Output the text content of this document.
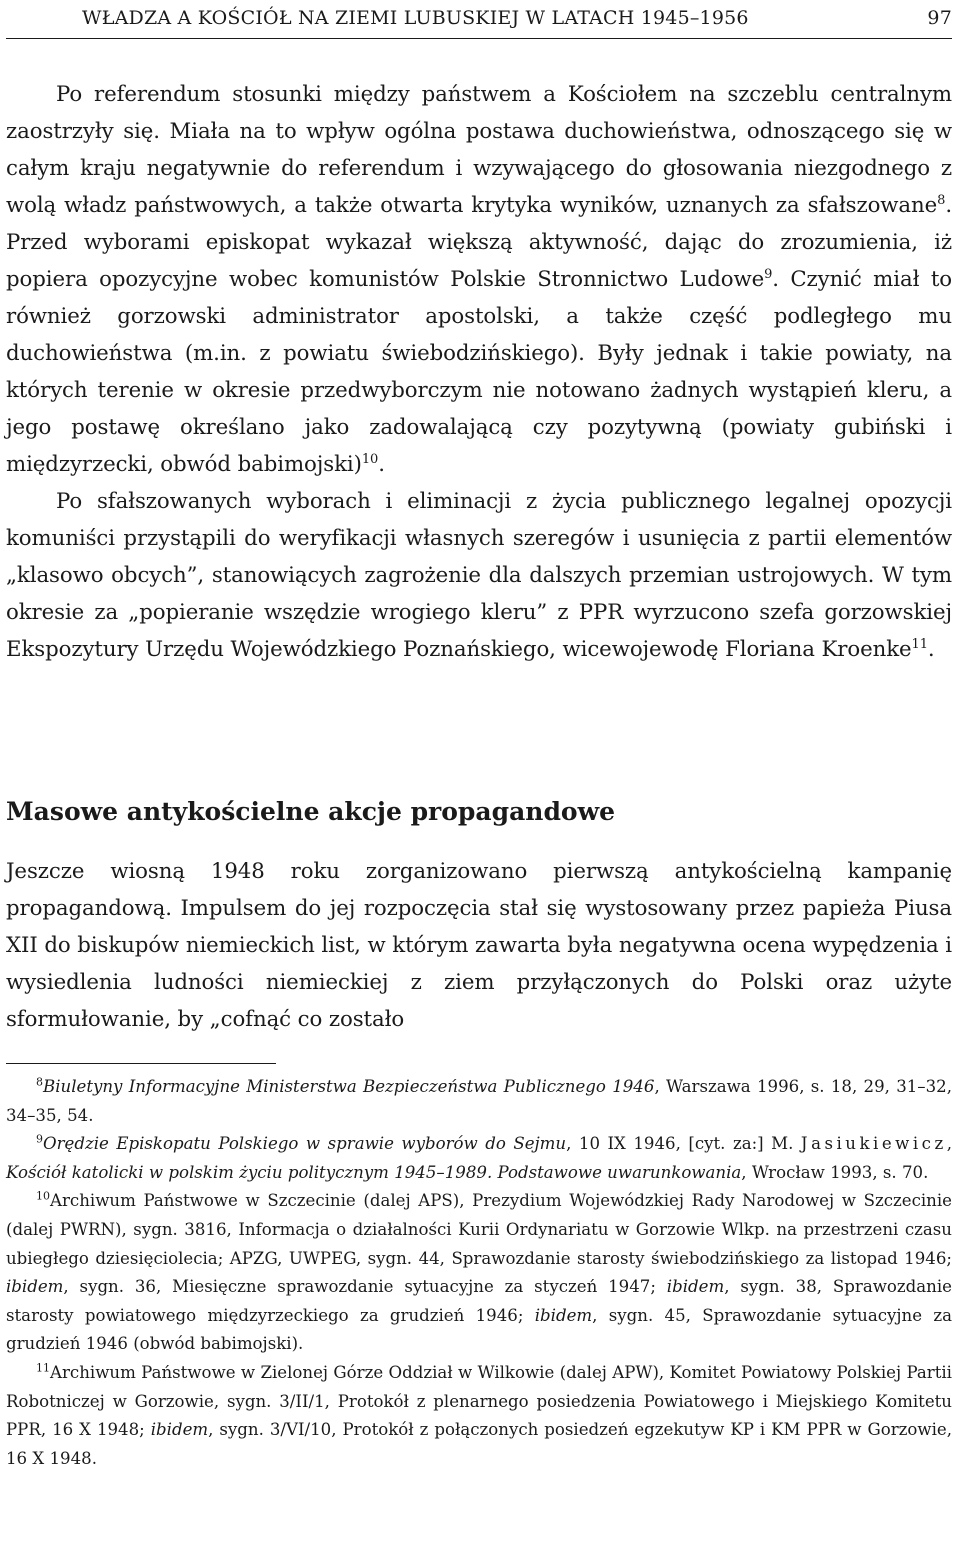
WŁADZA A KOŚCIÓŁ NA ZIEMI LUBUSKIEJ W LATACH 1945–1956	97

Po referendum stosunki między państwem a Kościołem na szczeblu centralnym zaostrzyły się. Miała na to wpływ ogólna postawa duchowieństwa, odnoszącego się w całym kraju negatywnie do referendum i wzywającego do głosowania niezgodnego z wolą władz państwowych, a także otwarta krytyka wyników, uznanych za sfałszowane$^8$. Przed wyborami episkopat wykazał większą aktywność, dając do zrozumienia, iż popiera opozycyjne wobec komunistów Polskie Stronnictwo Ludowe$^9$. Czynić miał to również gorzowski administrator apostolski, a także część podległego mu duchowieństwa (m.in. z powiatu świebodzińskiego). Były jednak i takie powiaty, na których terenie w okresie przedwyborczym nie notowano żadnych wystąpień kleru, a jego postawę określano jako zadowalającą czy pozytywną (powiaty gubiński i międzyrzecki, obwód babimojski)$^{10}$.

Po sfałszowanych wyborach i eliminacji z życia publicznego legalnej opozycji komuniści przystąpili do weryfikacji własnych szeregów i usunięcia z partii elementów „klasowo obcych”, stanowiących zagrożenie dla dalszych przemian ustrojowych. W tym okresie za „popieranie wszędzie wrogiego kleru” z PPR wyrzucono szefa gorzowskiej Ekspozytury Urzędu Wojewódzkiego Poznańskiego, wicewojewodę Floriana Kroenke$^{11}$.

Masowe antykościelne akcje propagandowe

Jeszcze wiosną 1948 roku zorganizowano pierwszą antykościelną kampanię propagandową. Impulsem do jej rozpoczęcia stał się wystosowany przez papieża Piusa XII do biskupów niemieckich list, w którym zawarta była negatywna ocena wypędzenia i wysiedlenia ludności niemieckiej z ziem przyłączonych do Polski oraz użyte sformułowanie, by „cofnąć co zostało

$^8$Biuletyny Informacyjne Ministerstwa Bezpieczeństwa Publicznego 1946, Warszawa 1996, s. 18, 29, 31–32, 34–35, 54.

$^9$Orędzie Episkopatu Polskiego w sprawie wyborów do Sejmu, 10 IX 1946, [cyt. za:] M. Jasiukiewicz, Kościół katolicki w polskim życiu politycznym 1945–1989. Podstawowe uwarunkowania, Wrocław 1993, s. 70.

$^{10}$Archiwum Państwowe w Szczecinie (dalej APS), Prezydium Wojewódzkiej Rady Narodowej w Szczecinie (dalej PWRN), sygn. 3816, Informacja o działalności Kurii Ordynariatu w Gorzowie Wlkp. na przestrzeni czasu ubiegłego dziesięciolecia; APZG, UWPEG, sygn. 44, Sprawozdanie starosty świebodzińskiego za listopad 1946; ibidem, sygn. 36, Miesięczne sprawozdanie sytuacyjne za styczeń 1947; ibidem, sygn. 38, Sprawozdanie starosty powiatowego międzyrzeckiego za grudzień 1946; ibidem, sygn. 45, Sprawozdanie sytuacyjne za grudzień 1946 (obwód babimojski).

$^{11}$Archiwum Państwowe w Zielonej Górze Oddział w Wilkowie (dalej APW), Komitet Powiatowy Polskiej Partii Robotniczej w Gorzowie, sygn. 3/II/1, Protokół z plenarnego posiedzenia Powiatowego i Miejskiego Komitetu PPR, 16 X 1948; ibidem, sygn. 3/VI/10, Protokół z połączonych posiedzeń egzekutyw KP i KM PPR w Gorzowie, 16 X 1948.
